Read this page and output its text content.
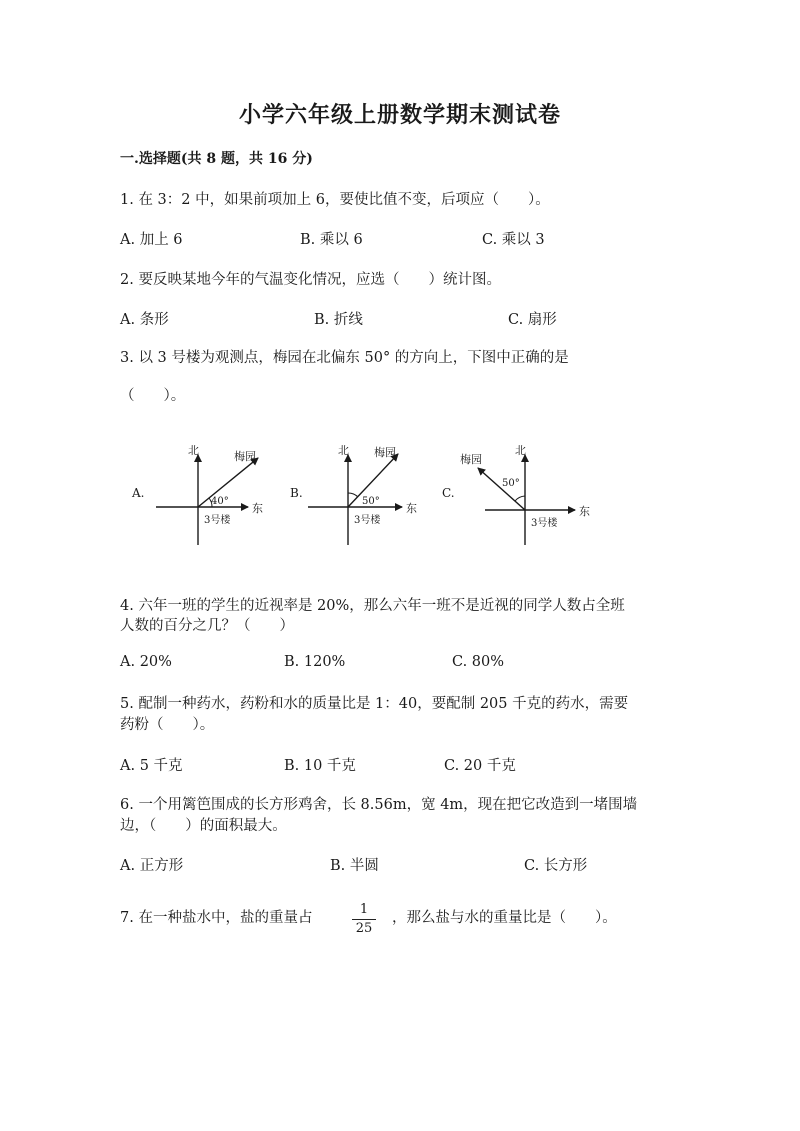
小学六年级上册数学期末测试卷
一.选择题(共 8 题，共 16 分)
1. 在 3：2 中，如果前项加上 6，要使比值不变，后项应（　　）。
A. 加上 6	B. 乘以 6	C. 乘以 3
2. 要反映某地今年的气温变化情况，应选（　　）统计图。
A. 条形	B. 折线	C. 扇形
3. 以 3 号楼为观测点，梅园在北偏东 50° 的方向上，下图中正确的是
（　　）。
A.
北
东
梅园
40°
3号楼
B.
北
东
梅园
50°
3号楼
C.
北
东
梅园
50°
3号楼
4. 六年一班的学生的近视率是 20%，那么六年一班不是近视的同学人数占全班
人数的百分之几？（　　）
A. 20%	B. 120%	C. 80%
5. 配制一种药水，药粉和水的质量比是 1：40，要配制 205 千克的药水，需要
药粉（　　）。
A. 5 千克	B. 10 千克	C. 20 千克
6. 一个用篱笆围成的长方形鸡舍，长 8.56m，宽 4m，现在把它改造到一堵围墙
边，（　　）的面积最大。
A. 正方形	B. 半圆	C. 长方形
7. 在一种盐水中，盐的重量占
1
25
，那么盐与水的重量比是（　　）。
